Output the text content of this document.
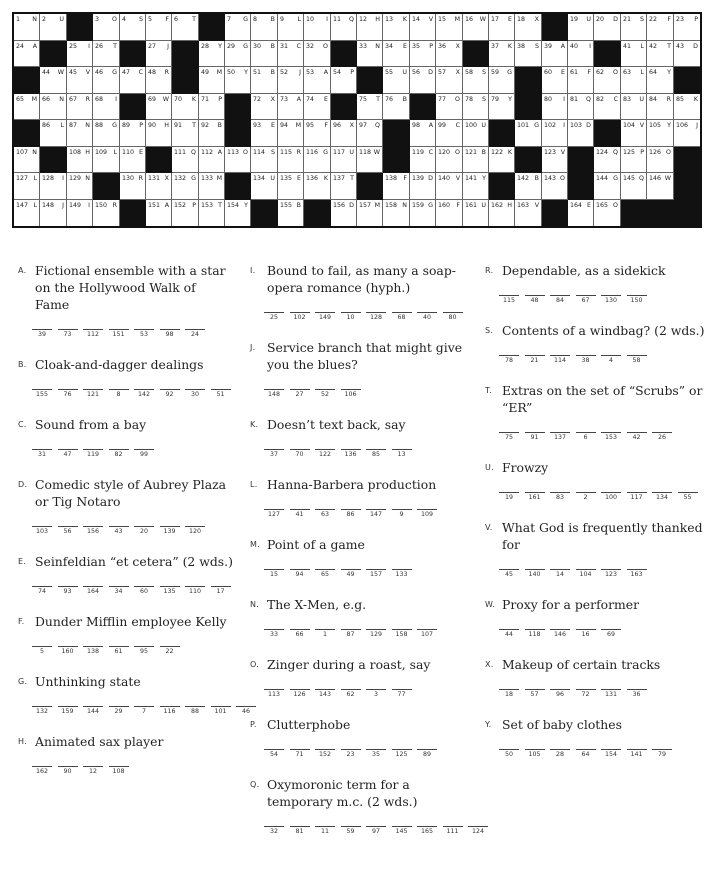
1 N 2 U	3 O 4 S 5 F 6 T	7 G 8 B 9 L 10 I 11 Q 12 H 13 K 14 V 15 M 16 W 17 E 18 X	19 U 20 D 21 S 22 F 23 P
24 A	25 I 26 T	27 J	28 Y 29 G 30 B 31 C 32 O	33 N 34 E 35 P 36 X	37 K 38 S 39 A 40 I	41 L 42 T 43 D
44 W 45 V 46 G 47 C 48 R	49 M 50 Y 51 B 52 J 53 A 54 P	55 U 56 D 57 X 58 S 59 G	60 E 61 F 62 O 63 L 64 Y
65 M 66 N 67 R 68 I	69 W 70 K 71 P	72 X 73 A 74 E	75 T 76 B	77 O 78 S 79 Y	80 I 81 Q 82 C 83 U 84 R 85 K
86 L 87 N 88 G 89 P 90 H 91 T 92 B	93 E 94 M 95 F 96 X 97 Q	98 A 99 C 100 U	101 G 102 I 103 D	104 V 105 Y 106 J
107 N	108 H 109 L 110 E	111 Q 112 A 113 O 114 S 115 R 116 G 117 U 118 W	119 C 120 O 121 B 122 K	123 V	124 Q 125 P 126 O
127 L 128 I 129 N	130 R 131 X 132 G 133 M	134 U 135 E 136 K 137 T	138 F 139 D 140 V 141 Y	142 B 143 O	144 G 145 Q 146 W
147 L 148 J 149 I 150 R	151 A 152 P 153 T 154 Y	155 B	156 D 157 M 158 N 159 G 160 F 161 U 162 H 163 V	164 E 165 O
A. Fictional ensemble with a star on the Hollywood Walk of Fame
39	73	112	151	53	98	24
B. Cloak-and-dagger dealings
155	76	121	8	142	92	30	51
C. Sound from a bay
31	47	119	82	99
D. Comedic style of Aubrey Plaza or Tig Notaro
103	56	156	43	20	139	120
E. Seinfeldian “et cetera” (2 wds.)
74	93	164	34	60	135	110	17
F. Dunder Mifflin employee Kelly
5	160	138	61	95	22
G. Unthinking state
132	159	144	29	7	116	88	101	46
H. Animated sax player
162	90	12	108
I. Bound to fail, as many a soap-opera romance (hyph.)
25	102	149	10	128	68	40	80
J. Service branch that might give you the blues?
148	27	52	106
K. Doesn’t text back, say
37	70	122	136	85	13
L. Hanna-Barbera production
127	41	63	86	147	9	109
M. Point of a game
15	94	65	49	157	133
N. The X-Men, e.g.
33	66	1	87	129	158	107
O. Zinger during a roast, say
113	126	143	62	3	77
P. Clutterphobe
54	71	152	23	35	125	89
Q. Oxymoronic term for a temporary m.c. (2 wds.)
32	81	11	59	97	145	165	111	124
R. Dependable, as a sidekick
115	48	84	67	130	150
S. Contents of a windbag? (2 wds.)
78	21	114	38	4	58
T. Extras on the set of “Scrubs” or “ER”
75	91	137	6	153	42	26
U. Frowzy
19	161	83	2	100	117	134	55
V. What God is frequently thanked for
45	140	14	104	123	163
W. Proxy for a performer
44	118	146	16	69
X. Makeup of certain tracks
18	57	96	72	131	36
Y. Set of baby clothes
50	105	28	64	154	141	79
